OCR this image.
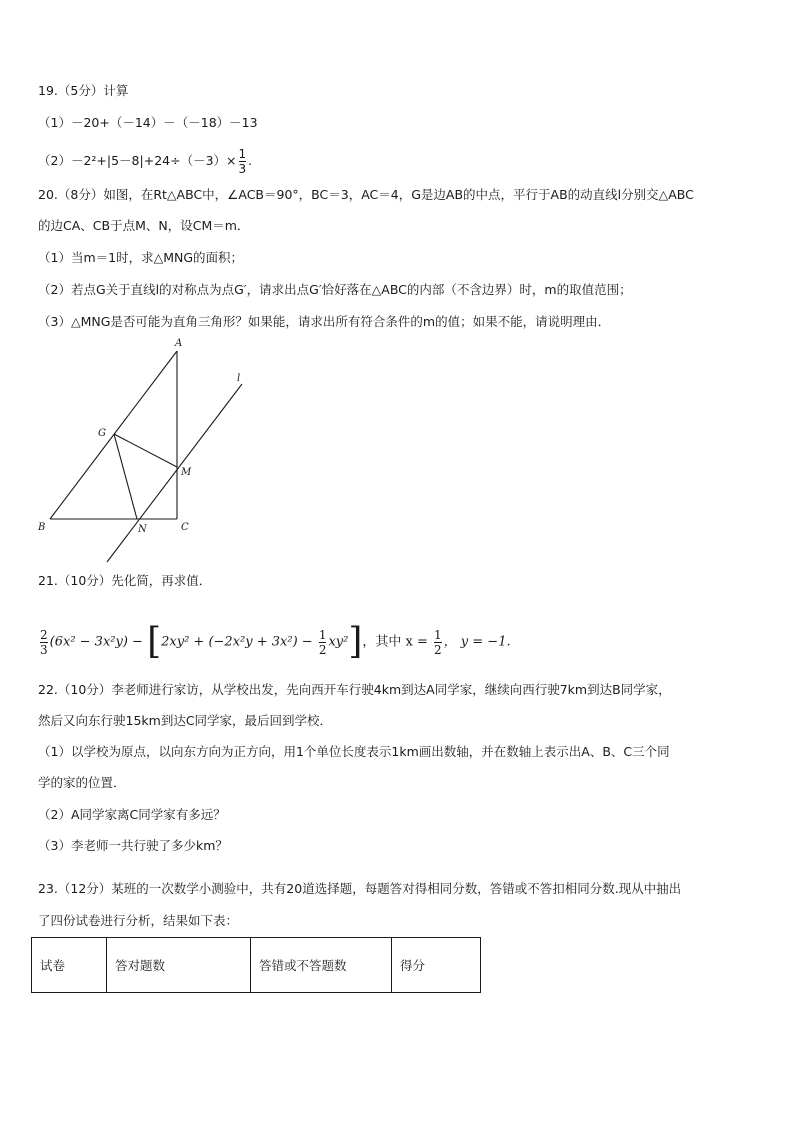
19.（5分）计算
（1）－20+（－14）－（－18）－13
$(2)-2^2+|5-8|+24\div(-3)\times \frac{1}{3}$ .
20.（8分）如图，在Rt△ABC中，∠ACB＝90°，BC＝3，AC＝4，G是边AB的中点，平行于AB的动直线l分别交△ABC
的边CA、CB于点M、N，设CM＝m．
（1）当m＝1时，求△MNG的面积；
（2）若点G关于直线l的对称点为点G′，请求出点G′恰好落在△ABC的内部（不含边界）时，m的取值范围；
（3）△MNG是否可能为直角三角形？如果能，请求出所有符合条件的m的值；如果不能，请说明理由．
A
B	C
G
M
N
l
21.（10分）先化简，再求值．
$\frac{2}{3} (6x^2 - 3x^2y) - [2xy^2 + (-2x^2y + 3x^2) - \frac{1}{2} xy^2]$，其中 $x = \frac{1}{2}$ ， y = −1.
22.（10分）李老师进行家访，从学校出发，先向西开车行驶4km到达A同学家，继续向西行驶7km到达B同学家，
然后又向东行驶15km到达C同学家，最后回到学校．
（1）以学校为原点，以向东方向为正方向，用1个单位长度表示1km画出数轴，并在数轴上表示出A、B、C三个同
学的家的位置．
（2）A同学家离C同学家有多远？
（3）李老师一共行驶了多少km？
23.（12分）某班的一次数学小测验中，共有20道选择题，每题答对得相同分数，答错或不答扣相同分数.现从中抽出
了四份试卷进行分析，结果如下表：
试卷	答对题数	答错或不答题数	得分
